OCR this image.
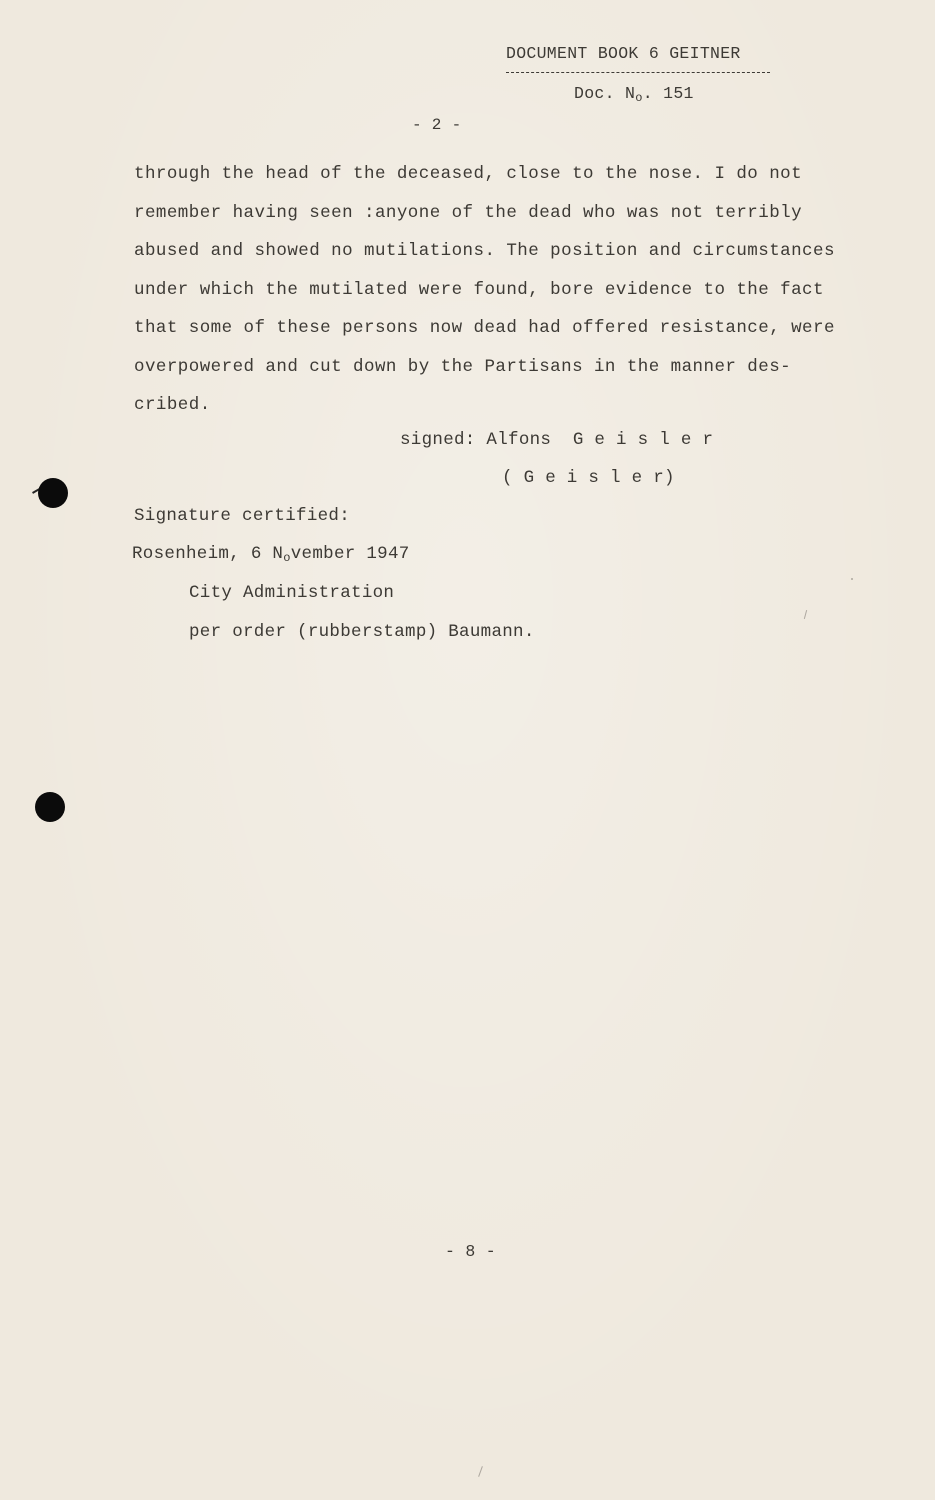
DOCUMENT BOOK 6 GEITNER
Doc. $N_o$. 151
- 2 -
through the head of the deceased, close to the nose. I do not
remember having seen :anyone of the dead who was not terribly
abused and showed no mutilations. The position and circumstances
under which the mutilated were found, bore evidence to the fact
that some of these persons now dead had offered resistance, were
overpowered and cut down by the Partisans in the manner des-
cribed.
signed: Alfons  G e i s l e r
( G e i s l e r)
Signature certified:
Rosenheim, 6 $N_ovember$ 1947
City Administration
per order (rubberstamp) Baumann.
- 8 -
